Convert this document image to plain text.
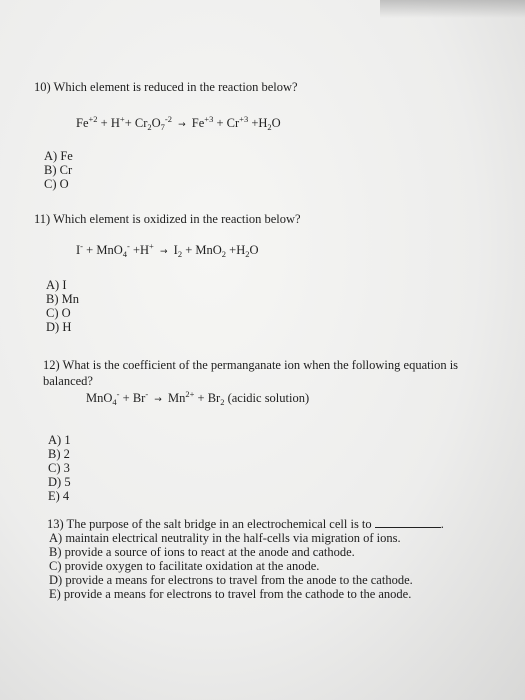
10) Which element is reduced in the reaction below?
$Fe^{+2} + H^++ Cr_2O_7^{-2} \to Fe^{+3} + Cr^{+3} +H_2O$
A) Fe
B) Cr
C) O
11) Which element is oxidized in the reaction below?
$I^- + MnO_4^- +H^+ \to I_2 + MnO_2 +H_2O$
A) I
B) Mn
C) O
D) H
12) What is the coefficient of the permanganate ion when the following equation is
balanced?
$MnO_4^- + Br^- \to Mn^{2+} + Br_2$ (acidic solution)
A) 1
B) 2
C) 3
D) 5
E) 4
13) The purpose of the salt bridge in an electrochemical cell is to	.
A) maintain electrical neutrality in the half-cells via migration of ions.
B) provide a source of ions to react at the anode and cathode.
C) provide oxygen to facilitate oxidation at the anode.
D) provide a means for electrons to travel from the anode to the cathode.
E) provide a means for electrons to travel from the cathode to the anode.
